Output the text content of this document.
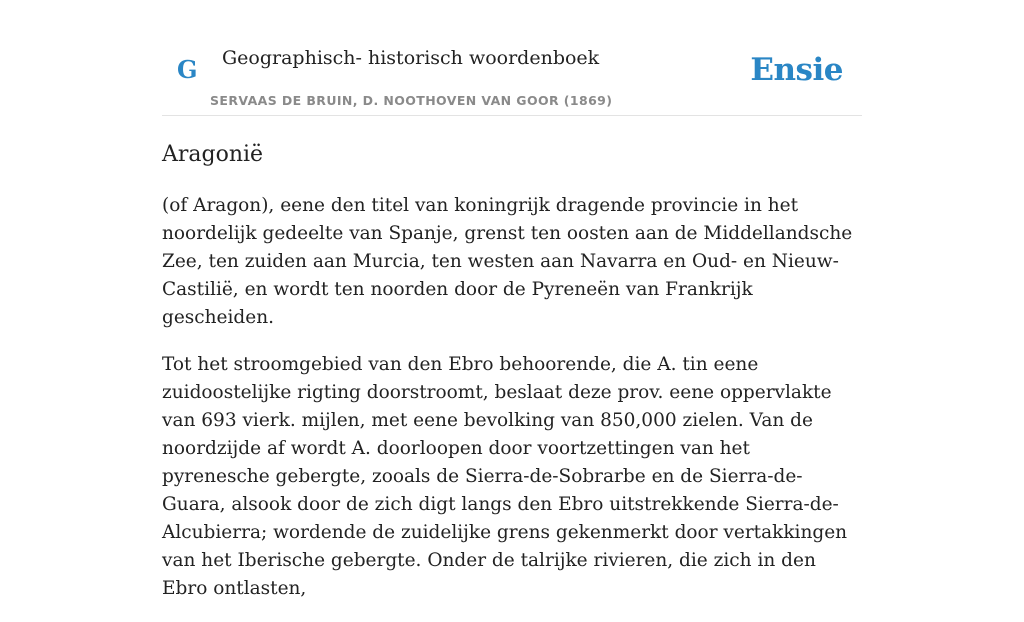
G Geographisch- historisch woordenboek
SERVAAS DE BRUIN, D. NOOTHOVEN VAN GOOR (1869)
Ensie
Aragonië

(of Aragon), eene den titel van koningrijk dragende provincie in het noordelijk gedeelte van Spanje, grenst ten oosten aan de Middellandsche Zee, ten zuiden aan Murcia, ten westen aan Navarra en Oud- en Nieuw-Castilië, en wordt ten noorden door de Pyreneën van Frankrijk gescheiden.

Tot het stroomgebied van den Ebro behoorende, die A. tin eene zuidoostelijke rigting doorstroomt, beslaat deze prov. eene oppervlakte van 693 vierk. mijlen, met eene bevolking van 850,000 zielen. Van de noordzijde af wordt A. doorloopen door voortzettingen van het pyrenesche gebergte, zooals de Sierra-de-Sobrarbe en de Sierra-de-Guara, alsook door de zich digt langs den Ebro uitstrekkende Sierra-de-Alcubierra; wordende de zuidelijke grens gekenmerkt door vertakkingen van het Iberische gebergte. Onder de talrijke rivieren, die zich in den Ebro ontlasten,
